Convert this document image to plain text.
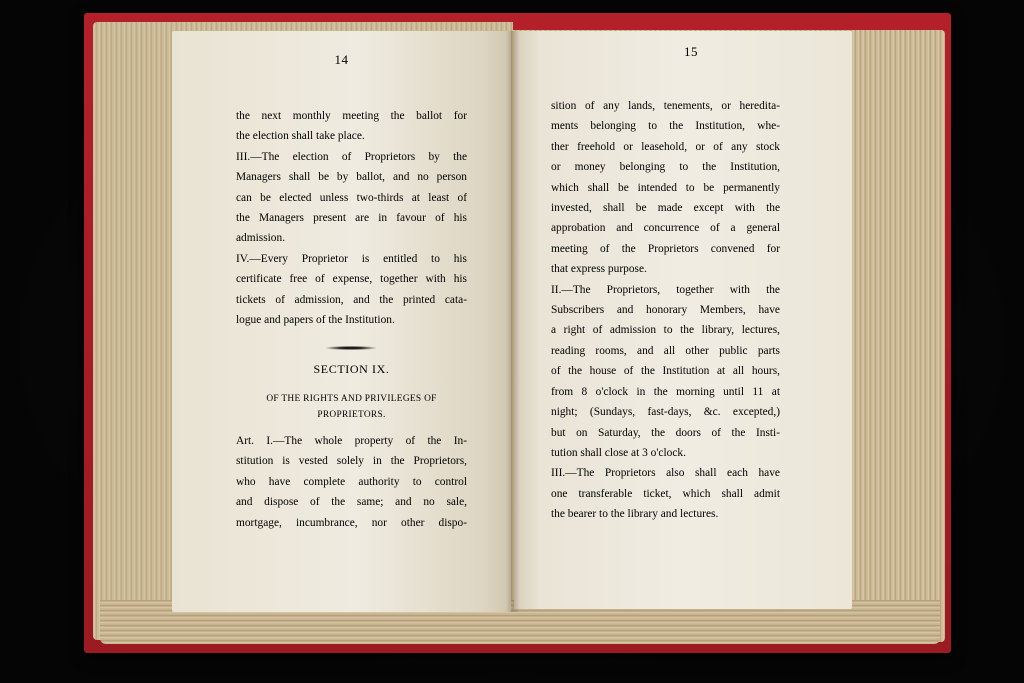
14
15
the next monthly meeting the ballot for
the election shall take place.
III.—The election of Proprietors by the
Managers shall be by ballot, and no person
can be elected unless two-thirds at least of
the Managers present are in favour of his
admission.
IV.—Every Proprietor is entitled to his
certificate free of expense, together with his
tickets of admission, and the printed cata-
logue and papers of the Institution.
SECTION IX.
OF THE RIGHTS AND PRIVILEGES OF
PROPRIETORS.
Art. I.—The whole property of the In-
stitution is vested solely in the Proprietors,
who have complete authority to control
and dispose of the same; and no sale,
mortgage, incumbrance, nor other dispo-
sition of any lands, tenements, or heredita-
ments belonging to the Institution, whe-
ther freehold or leasehold, or of any stock
or money belonging to the Institution,
which shall be intended to be permanently
invested, shall be made except with the
approbation and concurrence of a general
meeting of the Proprietors convened for
that express purpose.
II.—The Proprietors, together with the
Subscribers and honorary Members, have
a right of admission to the library, lectures,
reading rooms, and all other public parts
of the house of the Institution at all hours,
from 8 o'clock in the morning until 11 at
night; (Sundays, fast-days, &c. excepted,)
but on Saturday, the doors of the Insti-
tution shall close at 3 o'clock.
III.—The Proprietors also shall each have
one transferable ticket, which shall admit
the bearer to the library and lectures.
